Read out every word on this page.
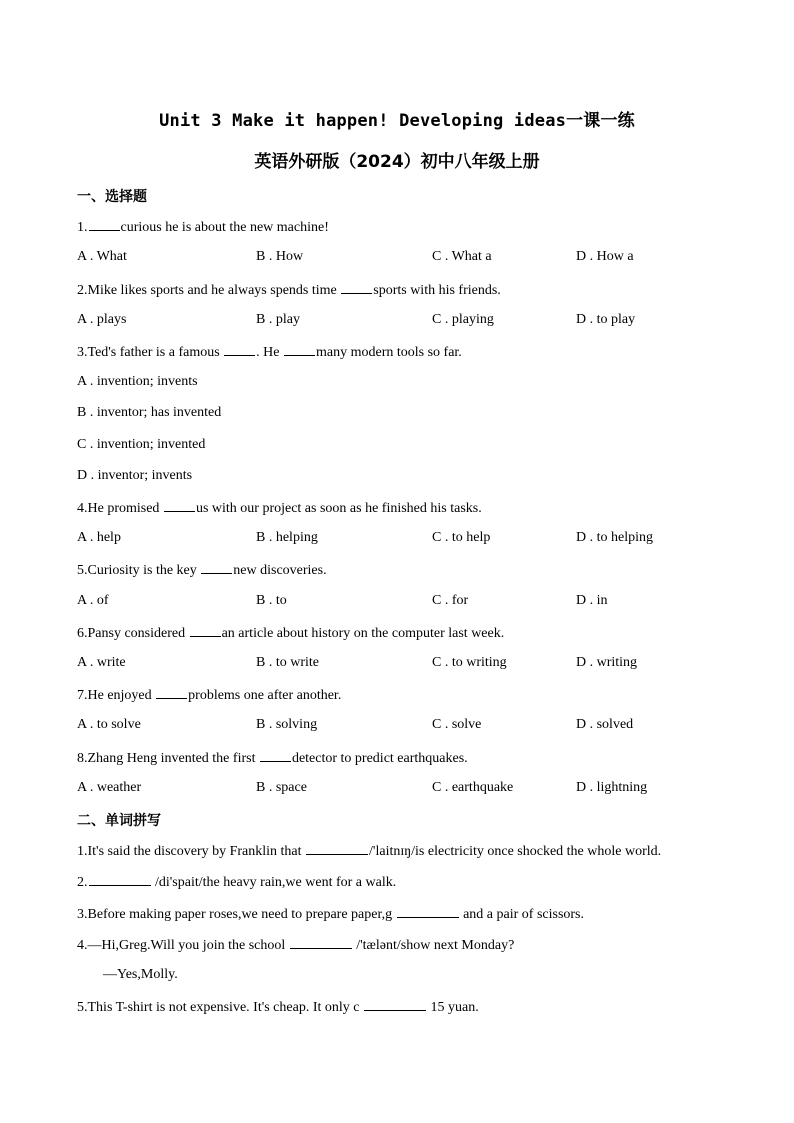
Unit 3 Make it happen! Developing ideas一课一练
英语外研版（2024）初中八年级上册
一、选择题
1. curious he is about the new machine!
A . What	B . How	C . What a	D . How a
2.Mike likes sports and he always spends time sports with his friends.
A . plays	B . play	C . playing	D . to play
3.Ted's father is a famous . He many modern tools so far.
A . invention; invents
B . inventor; has invented
C . invention; invented
D . inventor; invents
4.He promised us with our project as soon as he finished his tasks.
A . help	B . helping	C . to help	D . to helping
5.Curiosity is the key new discoveries.
A . of	B . to	C . for	D . in
6.Pansy considered an article about history on the computer last week.
A . write	B . to write	C . to writing	D . writing
7.He enjoyed problems one after another.
A . to solve	B . solving	C . solve	D . solved
8.Zhang Heng invented the first detector to predict earthquakes.
A . weather	B . space	C . earthquake	D . lightning
二、单词拼写
1.It's said the discovery by Franklin that	/'laitnɪŋ/is electricity once shocked the whole world.
2.	/di'spait/the heavy rain,we went for a walk.
3.Before making paper roses,we need to prepare paper,g	and a pair of scissors.
4.—Hi,Greg.Will you join the school	/'tælənt/show next Monday?
—Yes,Molly.
5.This T-shirt is not expensive. It's cheap. It only c	15 yuan.
